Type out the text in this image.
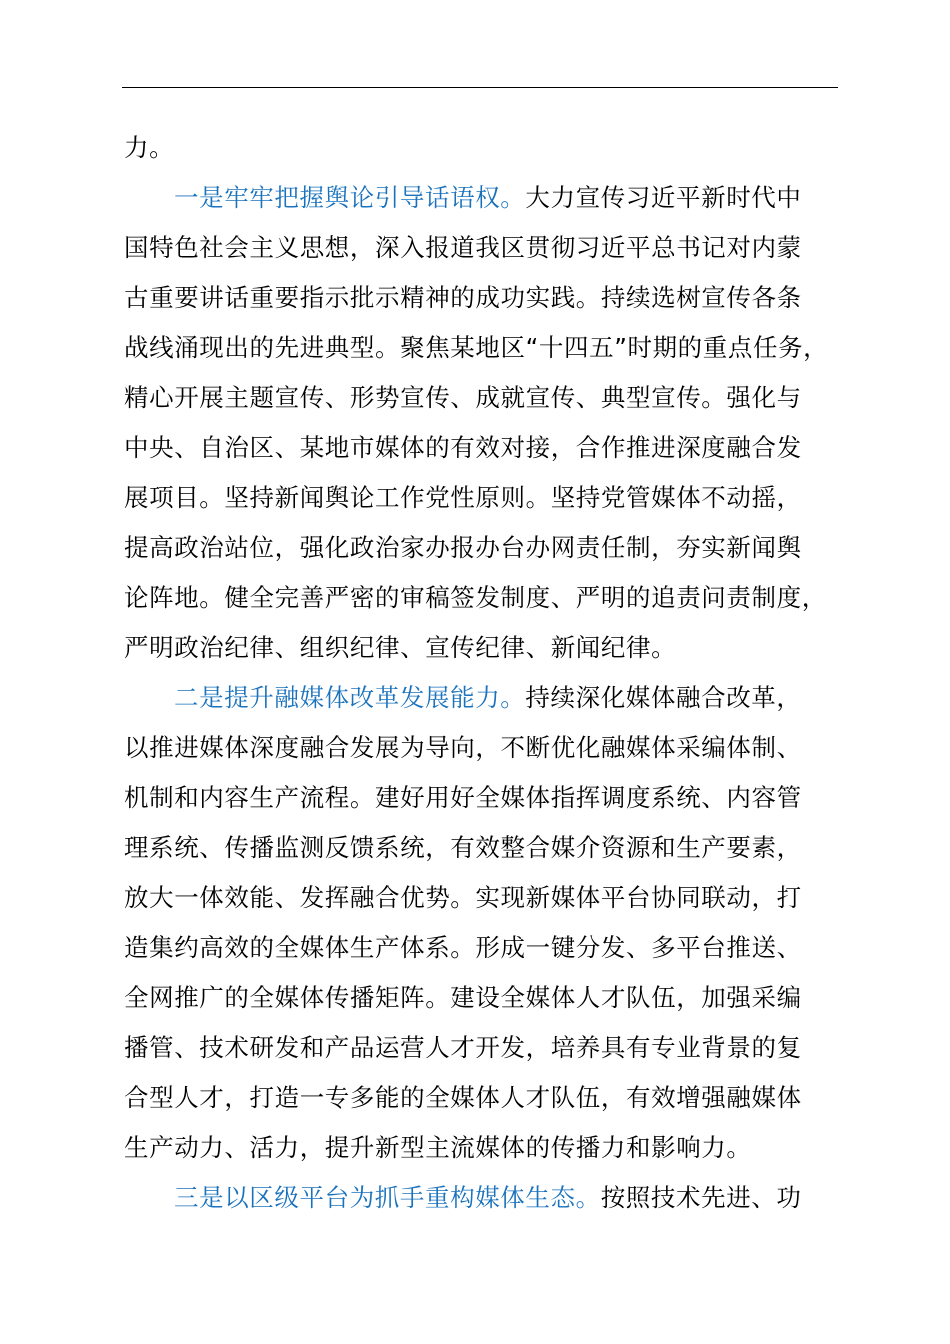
力。
一是牢牢把握舆论引导话语权。大力宣传习近平新时代中
国特色社会主义思想，深入报道我区贯彻习近平总书记对内蒙
古重要讲话重要指示批示精神的成功实践。持续选树宣传各条
战线涌现出的先进典型。聚焦某地区“十四五”时期的重点任务，
精心开展主题宣传、形势宣传、成就宣传、典型宣传。强化与
中央、自治区、某地市媒体的有效对接，合作推进深度融合发
展项目。坚持新闻舆论工作党性原则。坚持党管媒体不动摇，
提高政治站位，强化政治家办报办台办网责任制，夯实新闻舆
论阵地。健全完善严密的审稿签发制度、严明的追责问责制度，
严明政治纪律、组织纪律、宣传纪律、新闻纪律。
二是提升融媒体改革发展能力。持续深化媒体融合改革，
以推进媒体深度融合发展为导向，不断优化融媒体采编体制、
机制和内容生产流程。建好用好全媒体指挥调度系统、内容管
理系统、传播监测反馈系统，有效整合媒介资源和生产要素，
放大一体效能、发挥融合优势。实现新媒体平台协同联动，打
造集约高效的全媒体生产体系。形成一键分发、多平台推送、
全网推广的全媒体传播矩阵。建设全媒体人才队伍，加强采编
播管、技术研发和产品运营人才开发，培养具有专业背景的复
合型人才，打造一专多能的全媒体人才队伍，有效增强融媒体
生产动力、活力，提升新型主流媒体的传播力和影响力。
三是以区级平台为抓手重构媒体生态。按照技术先进、功
